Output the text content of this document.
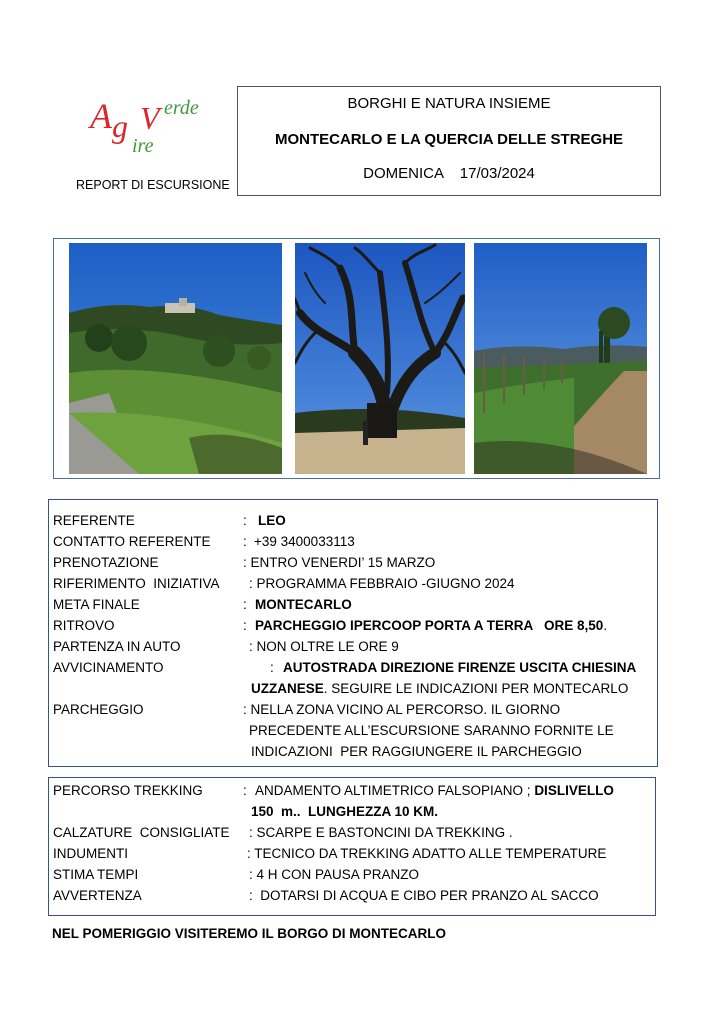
A g V erde
ire
REPORT DI ESCURSIONE
BORGHI E NATURA INSIEME
MONTECARLO E LA QUERCIA DELLE STREGHE
DOMENICA    17/03/2024
REFERENTE	: LEO
CONTATTO REFERENTE : +39 3400033113
PRENOTAZIONE	: ENTRO VENERDI’ 15 MARZO
RIFERIMENTO  INIZIATIVA : PROGRAMMA FEBBRAIO -GIUGNO 2024
META FINALE	: MONTECARLO
RITROVO	: PARCHEGGIO IPERCOOP PORTA A TERRA   ORE 8,50.
PARTENZA IN AUTO	: NON OLTRE LE ORE 9
AVVICINAMENTO	: AUTOSTRADA DIREZIONE FIRENZE USCITA CHIESINA
UZZANESE. SEGUIRE LE INDICAZIONI PER MONTECARLO
PARCHEGGIO	: NELLA ZONA VICINO AL PERCORSO. IL GIORNO
PRECEDENTE ALL’ESCURSIONE SARANNO FORNITE LE
INDICAZIONI  PER RAGGIUNGERE IL PARCHEGGIO
PERCORSO TREKKING	: ANDAMENTO ALTIMETRICO FALSOPIANO ; DISLIVELLO
150  m..  LUNGHEZZA 10 KM.
CALZATURE  CONSIGLIATE : SCARPE E BASTONCINI DA TREKKING .
INDUMENTI	: TECNICO DA TREKKING ADATTO ALLE TEMPERATURE
STIMA TEMPI	: 4 H CON PAUSA PRANZO
AVVERTENZA	:  DOTARSI DI ACQUA E CIBO PER PRANZO AL SACCO
NEL POMERIGGIO VISITEREMO IL BORGO DI MONTECARLO
